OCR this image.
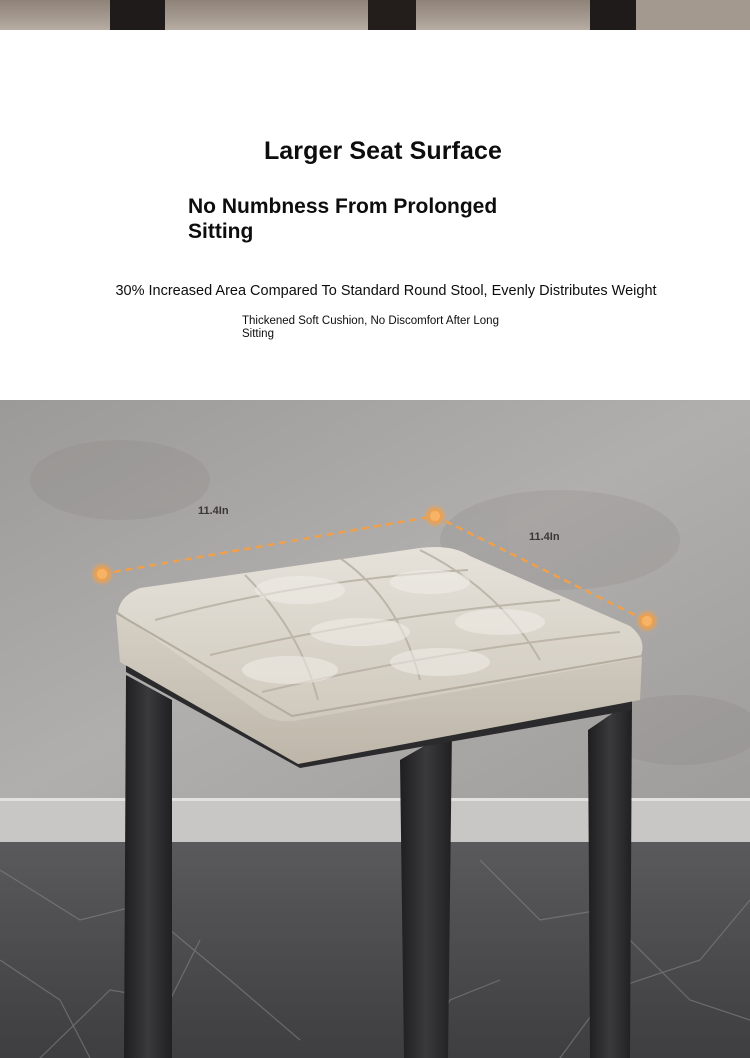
Larger Seat Surface
No Numbness From Prolonged Sitting

30% Increased Area Compared To Standard Round Stool, Evenly Distributes Weight

Thickened Soft Cushion, No Discomfort After Long Sitting

11.4In
11.4In
